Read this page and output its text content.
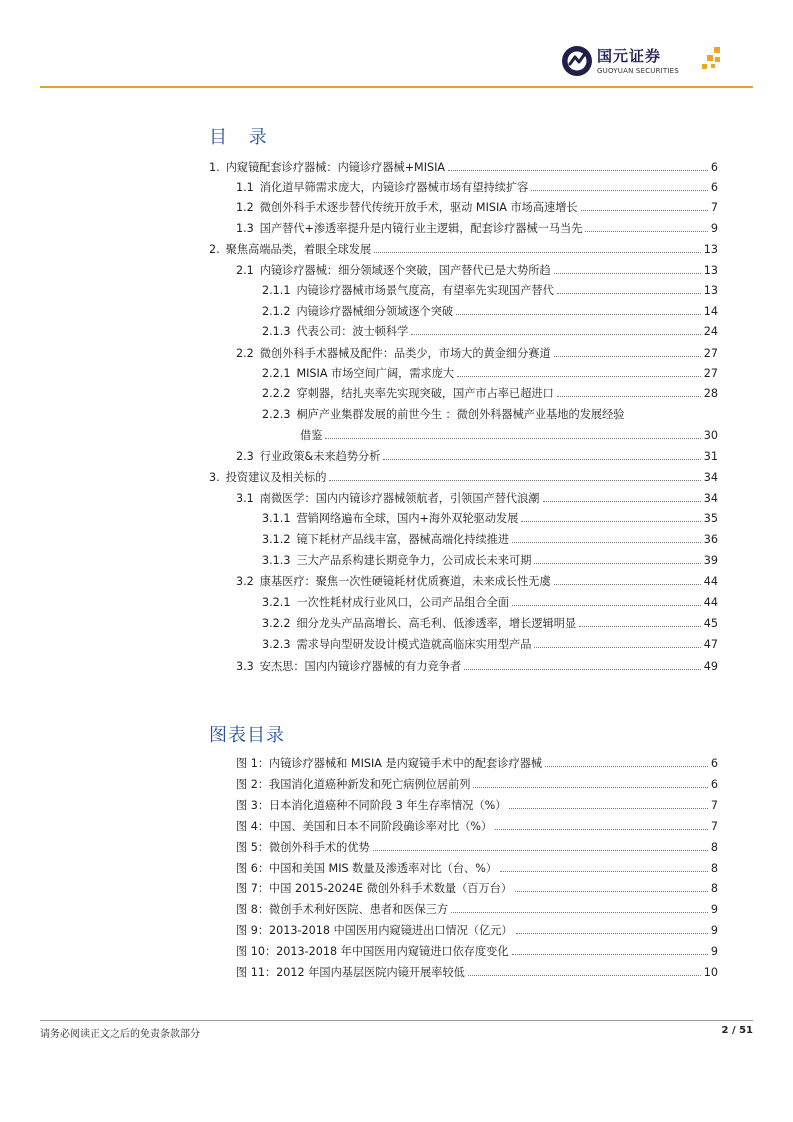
国元证券
GUOYUAN SECURITIES
目 录
1. 内窥镜配套诊疗器械：内镜诊疗器械+MISIA	6
1.1 消化道早筛需求庞大，内镜诊疗器械市场有望持续扩容	6
1.2 微创外科手术逐步替代传统开放手术，驱动 MISIA 市场高速增长	7
1.3 国产替代+渗透率提升是内镜行业主逻辑，配套诊疗器械一马当先	9
2. 聚焦高端品类，着眼全球发展	13
2.1 内镜诊疗器械：细分领域逐个突破，国产替代已是大势所趋	13
2.1.1 内镜诊疗器械市场景气度高，有望率先实现国产替代	13
2.1.2 内镜诊疗器械细分领域逐个突破	14
2.1.3 代表公司：波士顿科学	24
2.2 微创外科手术器械及配件：品类少，市场大的黄金细分赛道	27
2.2.1 MISIA 市场空间广阔，需求庞大	27
2.2.2 穿刺器，结扎夹率先实现突破，国产市占率已超进口	28
2.2.3 桐庐产业集群发展的前世今生 ：微创外科器械产业基地的发展经验
借鉴	30
2.3 行业政策&未来趋势分析	31
3. 投资建议及相关标的	34
3.1 南微医学：国内内镜诊疗器械领航者，引领国产替代浪潮	34
3.1.1 营销网络遍布全球，国内+海外双轮驱动发展	35
3.1.2 镜下耗材产品线丰富，器械高端化持续推进	36
3.1.3 三大产品系构建长期竞争力，公司成长未来可期	39
3.2 康基医疗：聚焦一次性硬镜耗材优质赛道，未来成长性无虞	44
3.2.1 一次性耗材成行业风口，公司产品组合全面	44
3.2.2 细分龙头产品高增长、高毛利、低渗透率，增长逻辑明显	45
3.2.3 需求导向型研发设计模式造就高临床实用型产品	47
3.3 安杰思：国内内镜诊疗器械的有力竞争者	49
图表目录
图 1：内镜诊疗器械和 MISIA 是内窥镜手术中的配套诊疗器械	6
图 2：我国消化道癌种新发和死亡病例位居前列	6
图 3：日本消化道癌种不同阶段 3 年生存率情况（%）	7
图 4：中国、美国和日本不同阶段确诊率对比（%）	7
图 5：微创外科手术的优势	8
图 6：中国和美国 MIS 数量及渗透率对比（台、%）	8
图 7：中国 2015-2024E 微创外科手术数量（百万台）	8
图 8：微创手术利好医院、患者和医保三方	9
图 9：2013-2018 中国医用内窥镜进出口情况（亿元）	9
图 10：2013-2018 年中国医用内窥镜进口依存度变化	9
图 11：2012 年国内基层医院内镜开展率较低	10
请务必阅读正文之后的免责条款部分	2 / 51
